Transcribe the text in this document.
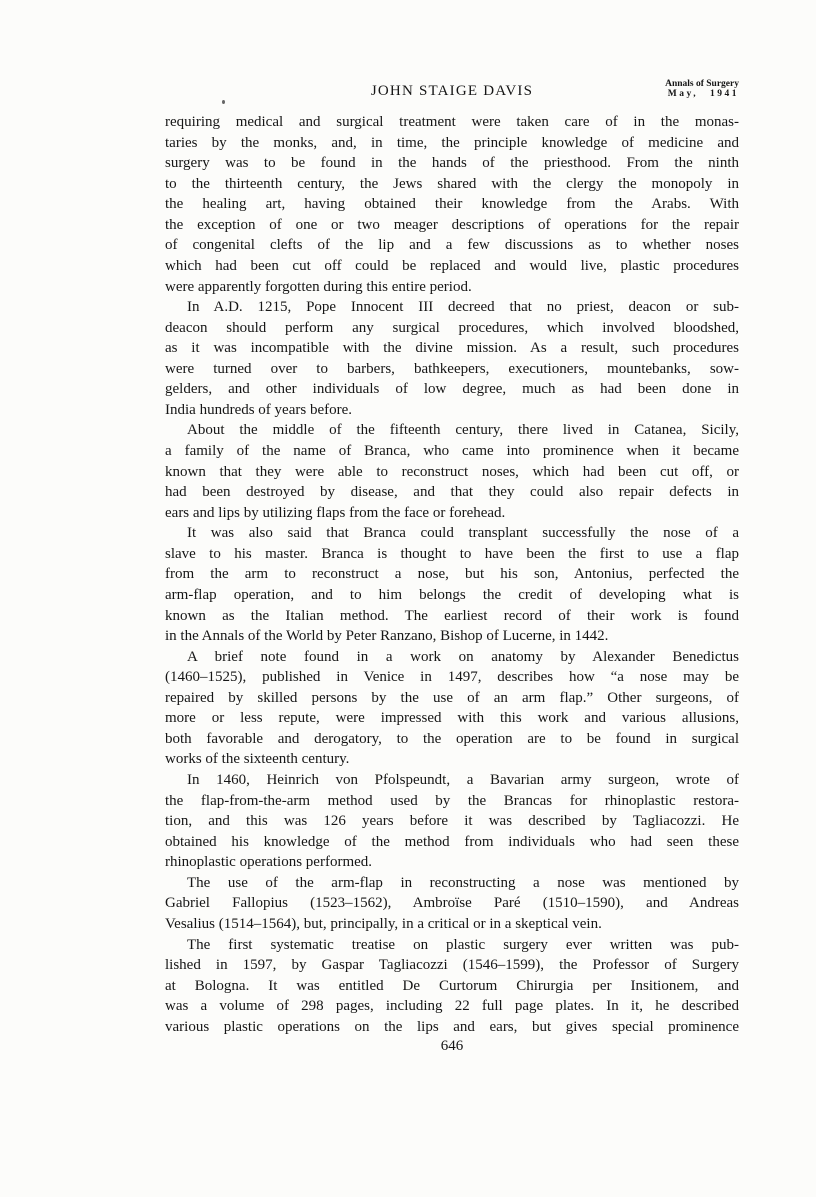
JOHN STAIGE DAVIS	Annals of Surgery
May, 1941
requiring medical and surgical treatment were taken care of in the monas-
taries by the monks, and, in time, the principle knowledge of medicine and
surgery was to be found in the hands of the priesthood. From the ninth
to the thirteenth century, the Jews shared with the clergy the monopoly in
the healing art, having obtained their knowledge from the Arabs. With
the exception of one or two meager descriptions of operations for the repair
of congenital clefts of the lip and a few discussions as to whether noses
which had been cut off could be replaced and would live, plastic procedures
were apparently forgotten during this entire period.
In A.D. 1215, Pope Innocent III decreed that no priest, deacon or sub-
deacon should perform any surgical procedures, which involved bloodshed,
as it was incompatible with the divine mission. As a result, such procedures
were turned over to barbers, bathkeepers, executioners, mountebanks, sow-
gelders, and other individuals of low degree, much as had been done in
India hundreds of years before.
About the middle of the fifteenth century, there lived in Catanea, Sicily,
a family of the name of Branca, who came into prominence when it became
known that they were able to reconstruct noses, which had been cut off, or
had been destroyed by disease, and that they could also repair defects in
ears and lips by utilizing flaps from the face or forehead.
It was also said that Branca could transplant successfully the nose of a
slave to his master. Branca is thought to have been the first to use a flap
from the arm to reconstruct a nose, but his son, Antonius, perfected the
arm-flap operation, and to him belongs the credit of developing what is
known as the Italian method. The earliest record of their work is found
in the Annals of the World by Peter Ranzano, Bishop of Lucerne, in 1442.
A brief note found in a work on anatomy by Alexander Benedictus
(1460–1525), published in Venice in 1497, describes how “a nose may be
repaired by skilled persons by the use of an arm flap.” Other surgeons, of
more or less repute, were impressed with this work and various allusions,
both favorable and derogatory, to the operation are to be found in surgical
works of the sixteenth century.
In 1460, Heinrich von Pfolspeundt, a Bavarian army surgeon, wrote of
the flap-from-the-arm method used by the Brancas for rhinoplastic restora-
tion, and this was 126 years before it was described by Tagliacozzi. He
obtained his knowledge of the method from individuals who had seen these
rhinoplastic operations performed.
The use of the arm-flap in reconstructing a nose was mentioned by
Gabriel Fallopius (1523–1562), Ambroïse Paré (1510–1590), and Andreas
Vesalius (1514–1564), but, principally, in a critical or in a skeptical vein.
The first systematic treatise on plastic surgery ever written was pub-
lished in 1597, by Gaspar Tagliacozzi (1546–1599), the Professor of Surgery
at Bologna. It was entitled De Curtorum Chirurgia per Insitionem, and
was a volume of 298 pages, including 22 full page plates. In it, he described
various plastic operations on the lips and ears, but gives special prominence
646
